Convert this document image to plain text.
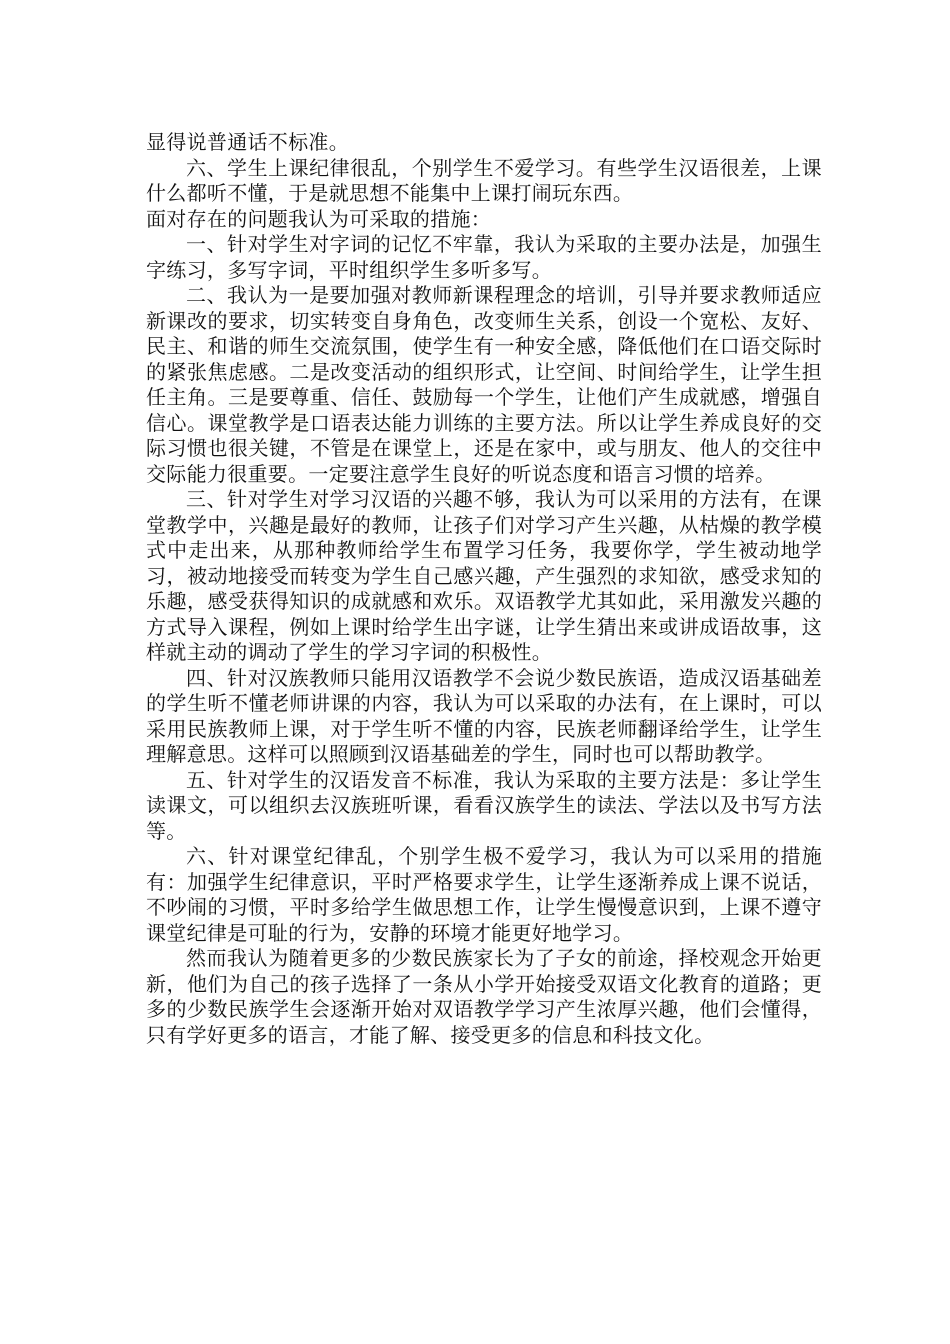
显得说普通话不标准。

六、学生上课纪律很乱，个别学生不爱学习。有些学生汉语很差，上课什么都听不懂，于是就思想不能集中上课打闹玩东西。

面对存在的问题我认为可采取的措施：

一、针对学生对字词的记忆不牢靠，我认为采取的主要办法是，加强生字练习，多写字词，平时组织学生多听多写。

二、我认为一是要加强对教师新课程理念的培训，引导并要求教师适应新课改的要求，切实转变自身角色，改变师生关系，创设一个宽松、友好、民主、和谐的师生交流氛围，使学生有一种安全感，降低他们在口语交际时的紧张焦虑感。二是改变活动的组织形式，让空间、时间给学生，让学生担任主角。三是要尊重、信任、鼓励每一个学生，让他们产生成就感，增强自信心。课堂教学是口语表达能力训练的主要方法。所以让学生养成良好的交际习惯也很关键，不管是在课堂上，还是在家中，或与朋友、他人的交往中交际能力很重要。一定要注意学生良好的听说态度和语言习惯的培养。

三、针对学生对学习汉语的兴趣不够，我认为可以采用的方法有，在课堂教学中，兴趣是最好的教师，让孩子们对学习产生兴趣，从枯燥的教学模式中走出来，从那种教师给学生布置学习任务，我要你学，学生被动地学习，被动地接受而转变为学生自己感兴趣，产生强烈的求知欲，感受求知的乐趣，感受获得知识的成就感和欢乐。双语教学尤其如此，采用激发兴趣的方式导入课程，例如上课时给学生出字谜，让学生猜出来或讲成语故事，这样就主动的调动了学生的学习字词的积极性。

四、针对汉族教师只能用汉语教学不会说少数民族语，造成汉语基础差的学生听不懂老师讲课的内容，我认为可以采取的办法有，在上课时，可以采用民族教师上课，对于学生听不懂的内容，民族老师翻译给学生，让学生理解意思。这样可以照顾到汉语基础差的学生，同时也可以帮助教学。

五、针对学生的汉语发音不标准，我认为采取的主要方法是：多让学生读课文，可以组织去汉族班听课，看看汉族学生的读法、学法以及书写方法等。

六、针对课堂纪律乱，个别学生极不爱学习，我认为可以采用的措施有：加强学生纪律意识，平时严格要求学生，让学生逐渐养成上课不说话，不吵闹的习惯，平时多给学生做思想工作，让学生慢慢意识到，上课不遵守课堂纪律是可耻的行为，安静的环境才能更好地学习。

然而我认为随着更多的少数民族家长为了子女的前途，择校观念开始更新，他们为自己的孩子选择了一条从小学开始接受双语文化教育的道路；更多的少数民族学生会逐渐开始对双语教学学习产生浓厚兴趣，他们会懂得，只有学好更多的语言，才能了解、接受更多的信息和科技文化。
